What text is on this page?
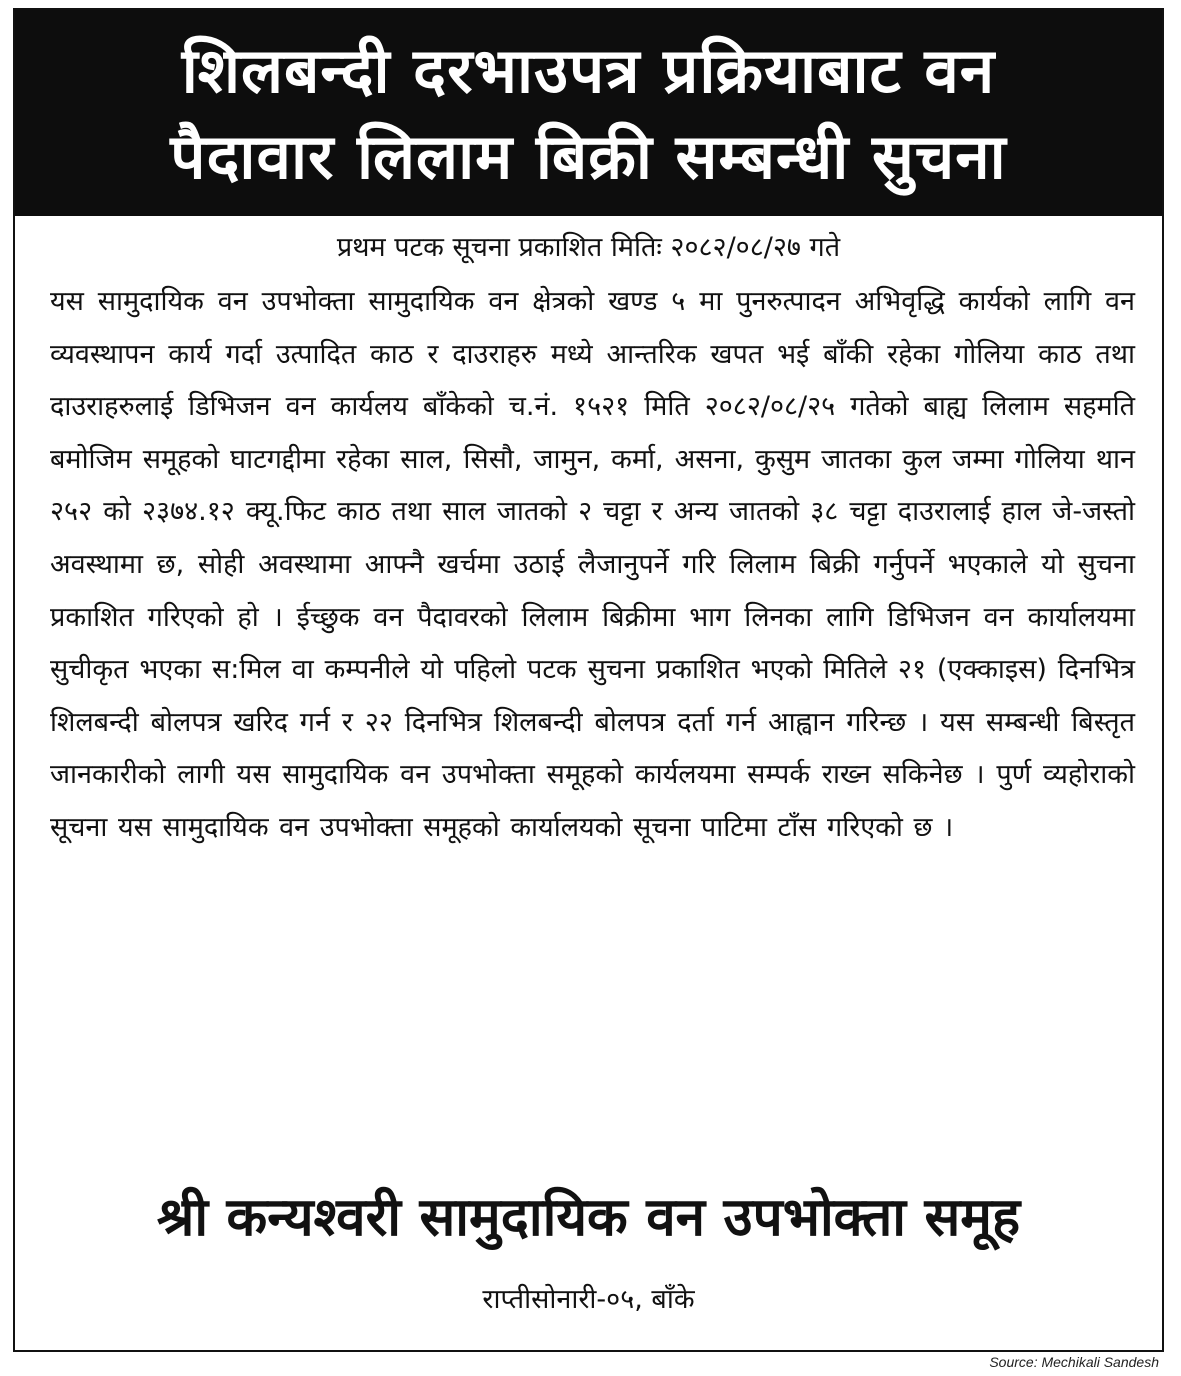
शिलबन्दी दरभाउपत्र प्रक्रियाबाट वन
पैदावार लिलाम बिक्री सम्बन्धी सुचना
प्रथम पटक सूचना प्रकाशित मितिः २०८२/०८/२७ गते
यस सामुदायिक वन उपभोक्ता सामुदायिक वन क्षेत्रको खण्ड ५ मा पुनरुत्पादन अभिवृद्धि कार्यको लागि वन व्यवस्थापन कार्य गर्दा उत्पादित काठ र दाउराहरु मध्ये आन्तरिक खपत भई बाँकी रहेका गोलिया काठ तथा दाउराहरुलाई डिभिजन वन कार्यलय बाँकेको च.नं. १५२१ मिति २०८२/०८/२५ गतेको बाह्य लिलाम सहमति बमोजिम समूहको घाटगद्दीमा रहेका साल, सिसौ, जामुन, कर्मा, असना, कुसुम जातका कुल जम्मा गोलिया थान २५२ को २३७४.१२ क्यू.फिट काठ तथा साल जातको २ चट्टा र अन्य जातको ३८ चट्टा दाउरालाई हाल जे-जस्तो अवस्थामा छ, सोही अवस्थामा आफ्नै खर्चमा उठाई लैजानुपर्ने गरि लिलाम बिक्री गर्नुपर्ने भएकाले यो सुचना प्रकाशित गरिएको हो । ईच्छुक वन पैदावरको लिलाम बिक्रीमा भाग लिनका लागि डिभिजन वन कार्यालयमा सुचीकृत भएका स:मिल वा कम्पनीले यो पहिलो पटक सुचना प्रकाशित भएको मितिले २१ (एक्काइस) दिनभित्र शिलबन्दी बोलपत्र खरिद गर्न र २२ दिनभित्र शिलबन्दी बोलपत्र दर्ता गर्न आह्वान गरिन्छ । यस सम्बन्धी बिस्तृत जानकारीको लागी यस सामुदायिक वन उपभोक्ता समूहको कार्यलयमा सम्पर्क राख्न सकिनेछ । पुर्ण व्यहोराको सूचना यस सामुदायिक वन उपभोक्ता समूहको कार्यालयको सूचना पाटिमा टाँस गरिएको छ ।
श्री कन्यश्वरी सामुदायिक वन उपभोक्ता समूह
राप्तीसोनारी-०५, बाँके
Source: Mechikali Sandesh
